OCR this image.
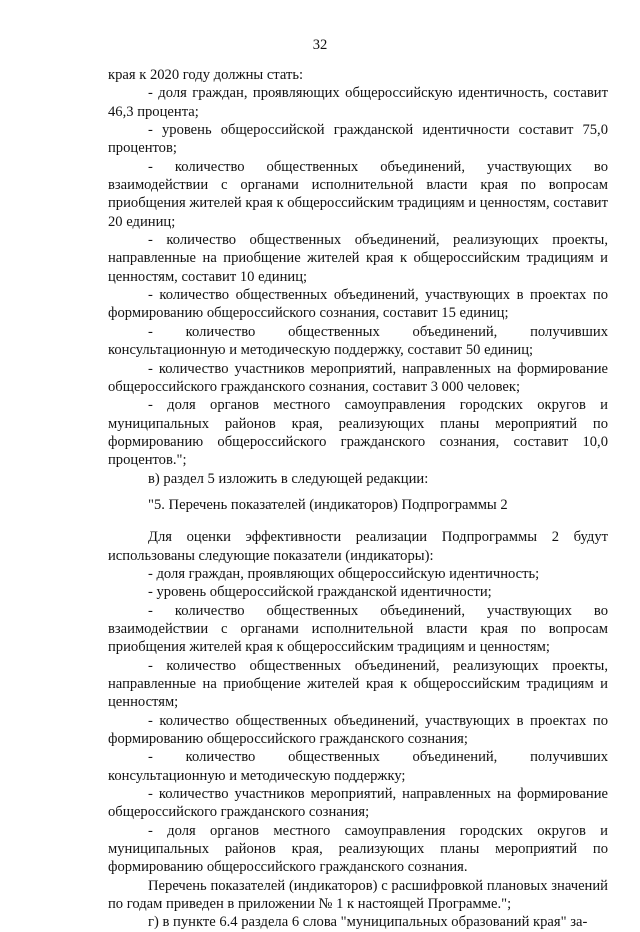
32

края к 2020 году должны стать:

- доля граждан, проявляющих общероссийскую идентичность, составит 46,3 процента;

- уровень общероссийской гражданской идентичности составит 75,0 процентов;

- количество общественных объединений, участвующих во взаимодействии с органами исполнительной власти края по вопросам приобщения жителей края к общероссийским традициям и ценностям, составит 20 единиц;

- количество общественных объединений, реализующих проекты, направленные на приобщение жителей края к общероссийским традициям и ценностям, составит 10 единиц;

- количество общественных объединений, участвующих в проектах по формированию общероссийского сознания, составит 15 единиц;

- количество общественных объединений, получивших консультационную и методическую поддержку, составит 50 единиц;

- количество участников мероприятий, направленных на формирование общероссийского гражданского сознания, составит 3 000 человек;

- доля органов местного самоуправления городских округов и муниципальных районов края, реализующих планы мероприятий по формированию общероссийского гражданского сознания, составит 10,0 процентов.";

в) раздел 5 изложить в следующей редакции:

"5. Перечень показателей (индикаторов) Подпрограммы 2

Для оценки эффективности реализации Подпрограммы 2 будут использованы следующие показатели (индикаторы):

- доля граждан, проявляющих общероссийскую идентичность;

- уровень общероссийской гражданской идентичности;

- количество общественных объединений, участвующих во взаимодействии с органами исполнительной власти края по вопросам приобщения жителей края к общероссийским традициям и ценностям;

- количество общественных объединений, реализующих проекты, направленные на приобщение жителей края к общероссийским традициям и ценностям;

- количество общественных объединений, участвующих в проектах по формированию общероссийского гражданского сознания;

- количество общественных объединений, получивших консультационную и методическую поддержку;

- количество участников мероприятий, направленных на формирование общероссийского гражданского сознания;

- доля органов местного самоуправления городских округов и муниципальных районов края, реализующих планы мероприятий по формированию общероссийского гражданского сознания.

Перечень показателей (индикаторов) с расшифровкой плановых значений по годам приведен в приложении № 1 к настоящей Программе.";

г) в пункте 6.4 раздела 6 слова "муниципальных образований края" за-
